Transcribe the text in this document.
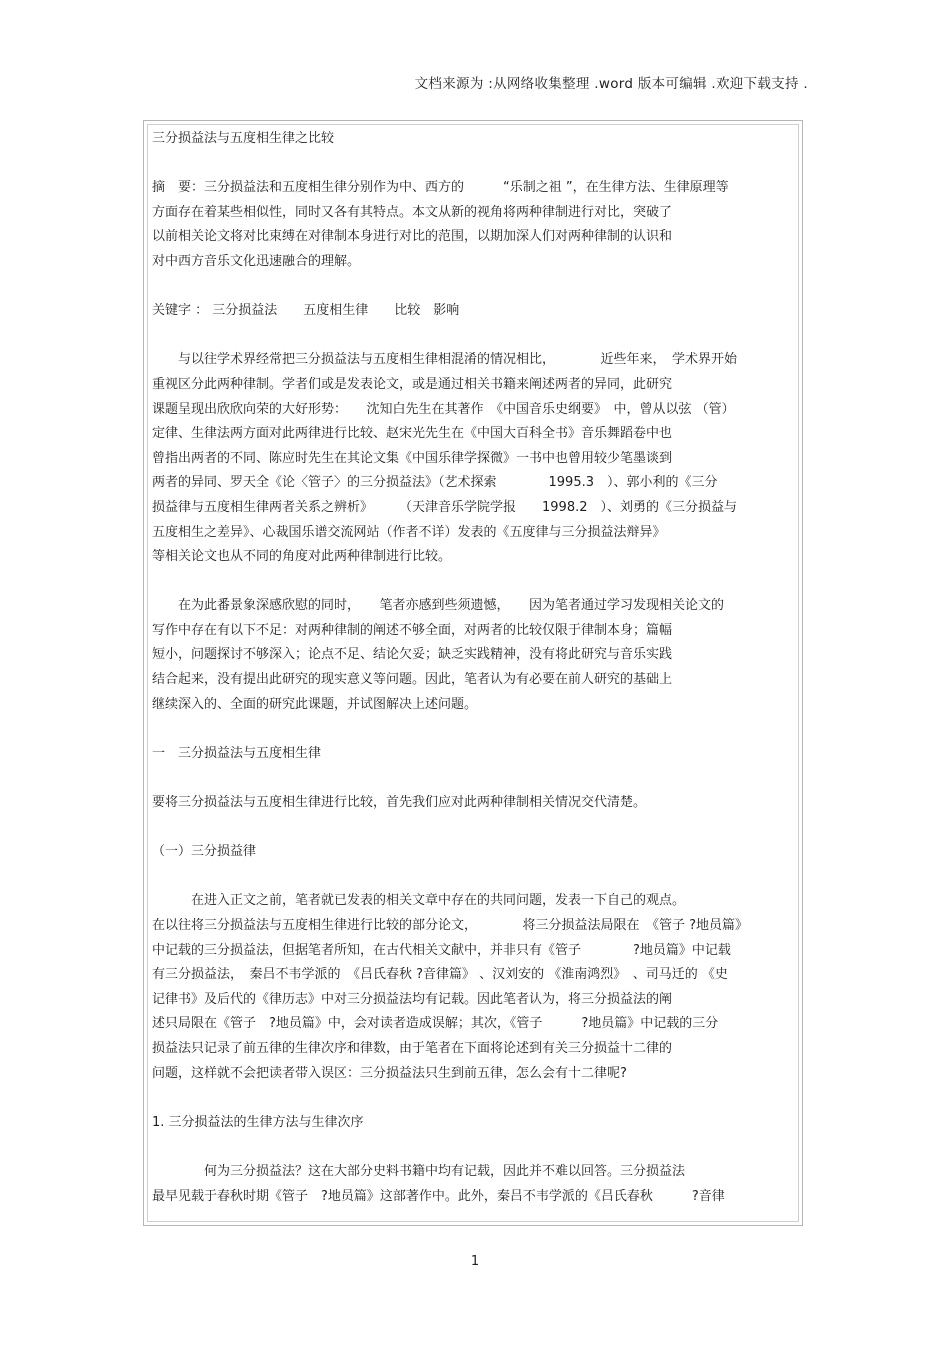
文档来源为 :从网络收集整理 .word 版本可编辑 .欢迎下载支持 .
三分损益法与五度相生律之比较
摘　要：三分损益法和五度相生律分别作为中、西方的　　　“乐制之祖 ”，在生律方法、生律原理等
方面存在着某些相似性，同时又各有其特点。本文从新的视角将两种律制进行对比，突破了
以前相关论文将对比束缚在对律制本身进行对比的范围，以期加深人们对两种律制的认识和
对中西方音乐文化迅速融合的理解。
关键字 ： 三分损益法　　五度相生律　　比较　影响
　　与以往学术界经常把三分损益法与五度相生律相混淆的情况相比，　　　　近些年来，　学术界开始
重视区分此两种律制。学者们或是发表论文，或是通过相关书籍来阐述两者的异同，此研究
课题呈现出欣欣向荣的大好形势：　　沈知白先生在其著作　《中国音乐史纲要》　中，曾从以弦 （管）
定律、生律法两方面对此两律进行比较、赵宋光先生在《中国大百科全书》音乐舞蹈卷中也
曾指出两者的不同、陈应时先生在其论文集《中国乐律学探微》一书中也曾用较少笔墨谈到
两者的异同、罗天全《论〈管子〉的三分损益法》（艺术探索　　　　1995.3　）、郭小利的《三分
损益律与五度相生律两者关系之辨析》　　　（天津音乐学院学报　　1998.2　）、刘勇的《三分损益与
五度相生之差异》、心裁国乐谱交流网站（作者不详）发表的《五度律与三分损益法辩异》
等相关论文也从不同的角度对此两种律制进行比较。
　　在为此番景象深感欣慰的同时，　　笔者亦感到些须遗憾，　　因为笔者通过学习发现相关论文的
写作中存在有以下不足：对两种律制的阐述不够全面，对两者的比较仅限于律制本身；篇幅
短小，问题探讨不够深入；论点不足、结论欠妥；缺乏实践精神，没有将此研究与音乐实践
结合起来，没有提出此研究的现实意义等问题。因此，笔者认为有必要在前人研究的基础上
继续深入的、全面的研究此课题，并试图解决上述问题。
一　三分损益法与五度相生律
要将三分损益法与五度相生律进行比较，首先我们应对此两种律制相关情况交代清楚。
（一）三分损益律
　　　在进入正文之前，笔者就已发表的相关文章中存在的共同问题，发表一下自己的观点。
在以往将三分损益法与五度相生律进行比较的部分论文，　　　　将三分损益法局限在　《管子 ?地员篇》
中记载的三分损益法，但据笔者所知，在古代相关文献中，并非只有《管子　　　　?地员篇》中记载
有三分损益法，　秦吕不韦学派的　《吕氏春秋 ?音律篇》 、汉刘安的 《淮南鸿烈》　、司马迁的 《史
记律书》及后代的《律历志》中对三分损益法均有记载。因此笔者认为，将三分损益法的阐
述只局限在《管子　?地员篇》中，会对读者造成误解；其次，《管子　　　?地员篇》中记载的三分
损益法只记录了前五律的生律次序和律数，由于笔者在下面将论述到有关三分损益十二律的
问题，这样就不会把读者带入误区：三分损益法只生到前五律，怎么会有十二律呢?
1. 三分损益法的生律方法与生律次序
　　　　何为三分损益法？这在大部分史料书籍中均有记载，因此并不难以回答。三分损益法
最早见载于春秋时期《管子　?地员篇》这部著作中。此外，秦吕不韦学派的《吕氏春秋　　　?音律
1
